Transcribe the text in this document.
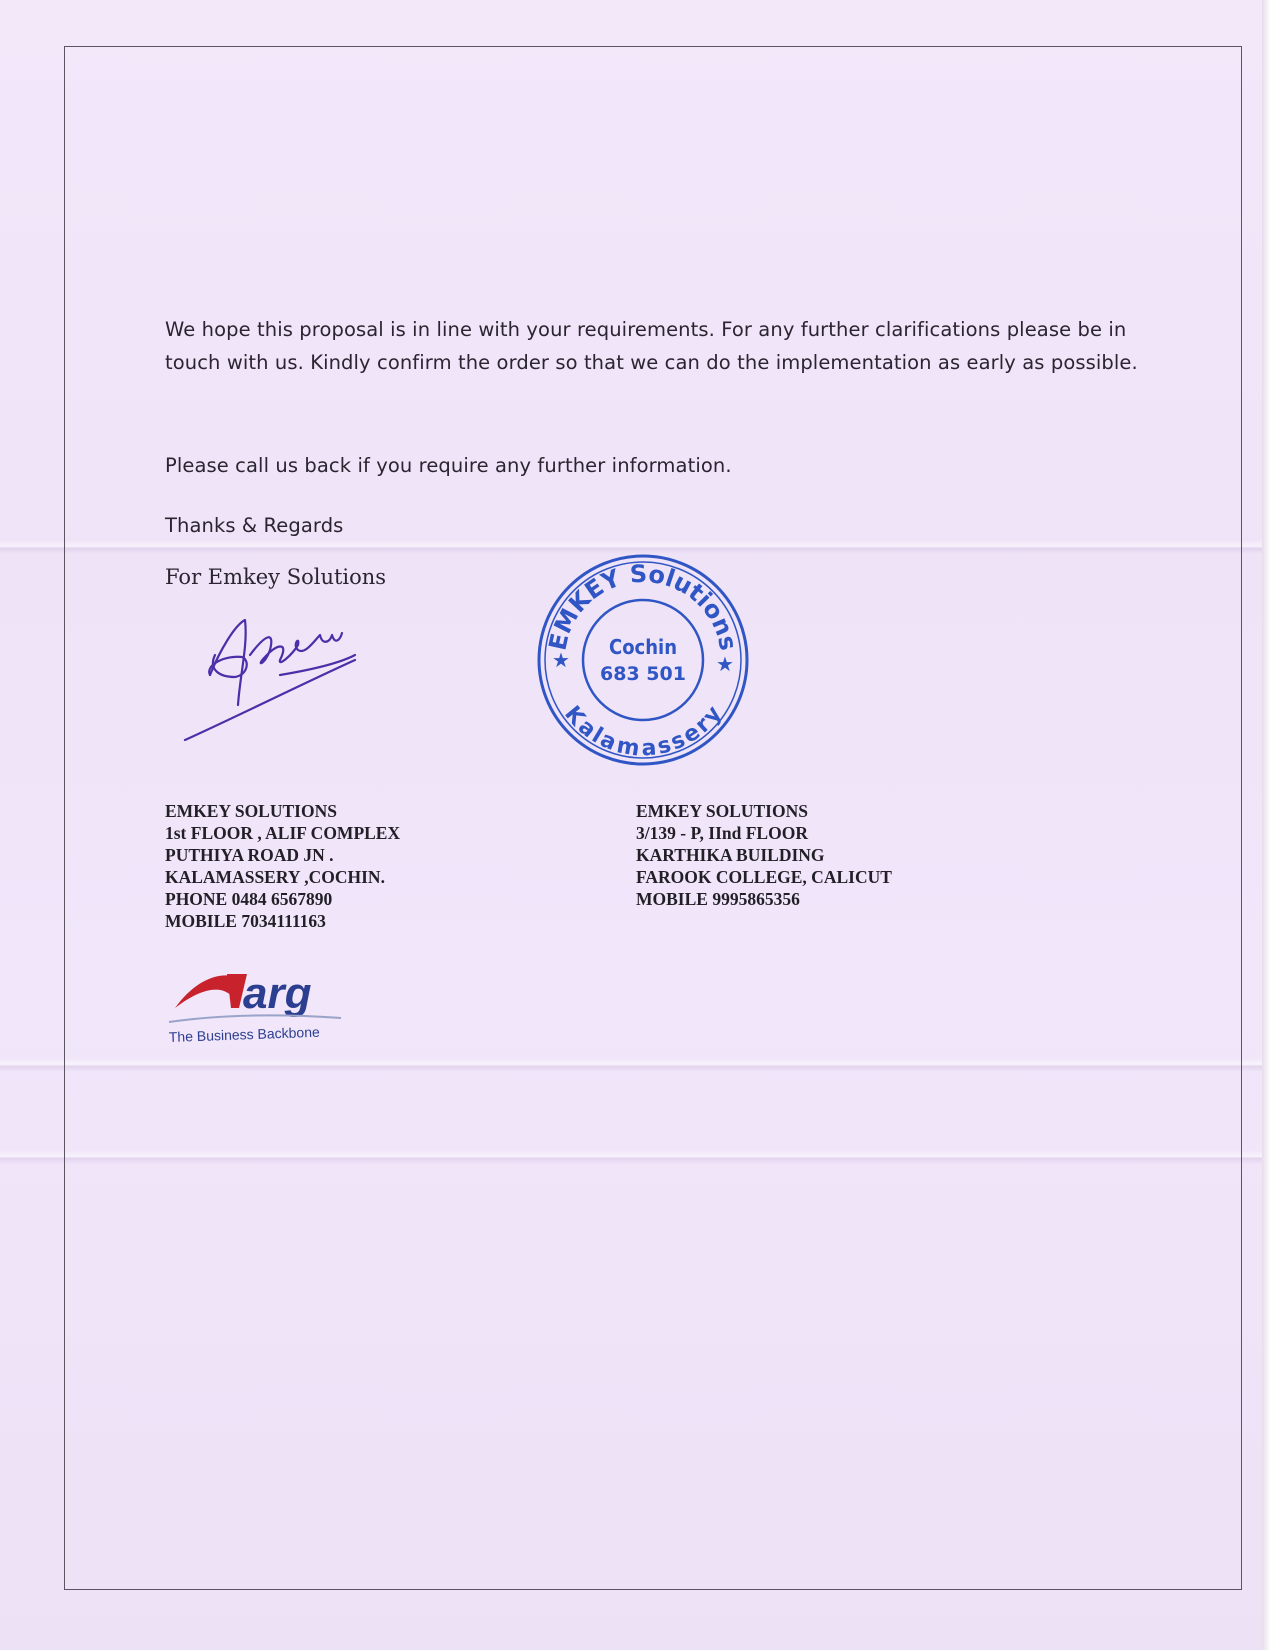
We hope this proposal is in line with your requirements. For any further clarifications please be in touch with us. Kindly confirm the order so that we can do the implementation as early as possible.
Please call us back if you require any further information.
Thanks & Regards
For Emkey Solutions
EMKEY Solutions
Kalamassery
Cochin
683 501
★	★
EMKEY SOLUTIONS
1st FLOOR , ALIF COMPLEX
PUTHIYA ROAD JN .
KALAMASSERY ,COCHIN.
PHONE 0484 6567890
MOBILE 7034111163
EMKEY SOLUTIONS
3/139 - P, IInd FLOOR
KARTHIKA BUILDING
FAROOK COLLEGE, CALICUT
MOBILE 9995865356
arg
The Business Backbone
